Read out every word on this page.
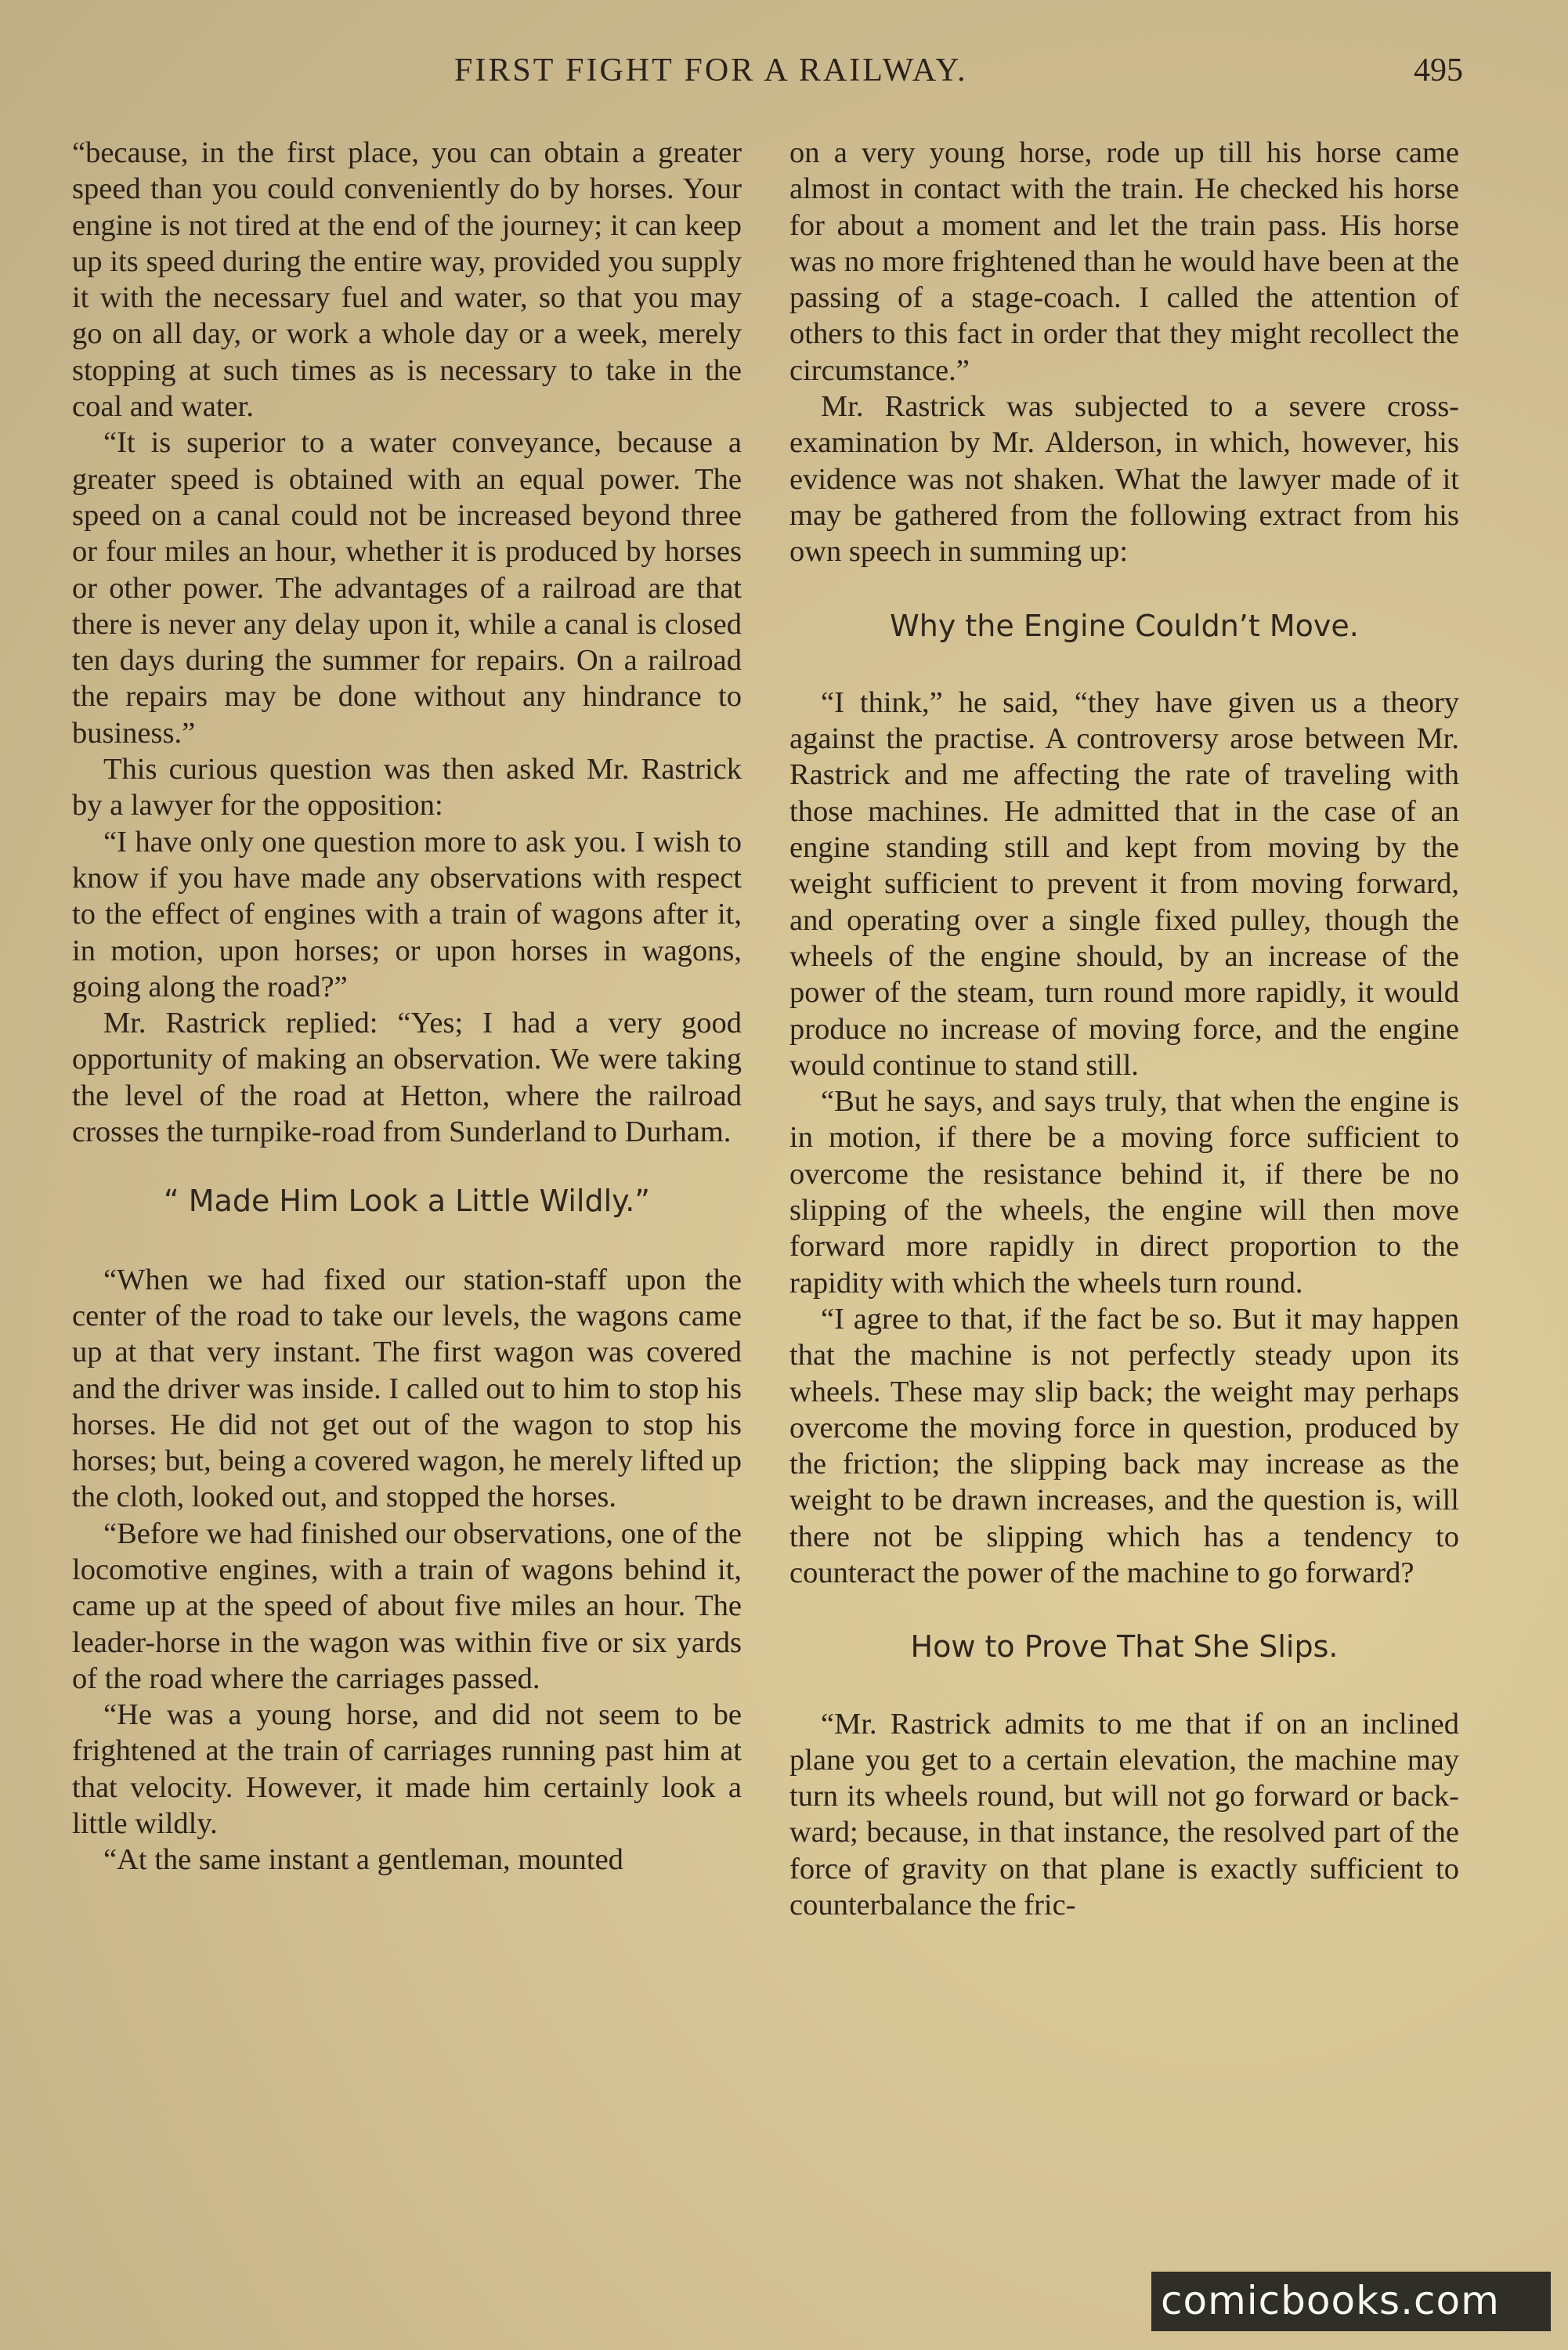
FIRST FIGHT FOR A RAILWAY.	495

“because, in the first place, you can obtain a greater speed than you could conveniently do by horses. Your engine is not tired at the end of the journey; it can keep up its speed during the entire way, provided you supply it with the necessary fuel and water, so that you may go on all day, or work a whole day or a week, merely stopping at such times as is necessary to take in the coal and water.

“It is superior to a water conveyance, because a greater speed is obtained with an equal power. The speed on a canal could not be increased beyond three or four miles an hour, whether it is produced by horses or other power. The advantages of a railroad are that there is never any delay upon it, while a canal is closed ten days during the summer for repairs. On a railroad the repairs may be done without any hindrance to business.”

This curious question was then asked Mr. Rastrick by a lawyer for the opposition:

“I have only one question more to ask you. I wish to know if you have made any observations with respect to the effect of engines with a train of wagons after it, in motion, upon horses; or upon horses in wagons, going along the road?”

Mr. Rastrick replied: “Yes; I had a very good opportunity of making an observation. We were taking the level of the road at Hetton, where the railroad crosses the turnpike-road from Sunderland to Durham.

“ Made Him Look a Little Wildly.”

“When we had fixed our station-staff upon the center of the road to take our levels, the wagons came up at that very instant. The first wagon was covered and the driver was inside. I called out to him to stop his horses. He did not get out of the wagon to stop his horses; but, being a covered wagon, he merely lifted up the cloth, looked out, and stopped the horses.

“Before we had finished our observations, one of the locomotive engines, with a train of wagons behind it, came up at the speed of about five miles an hour. The leader-horse in the wagon was within five or six yards of the road where the carriages passed.

“He was a young horse, and did not seem to be frightened at the train of carriages running past him at that velocity. However, it made him certainly look a little wildly.

“At the same instant a gentleman, mounted

on a very young horse, rode up till his horse came almost in contact with the train. He checked his horse for about a moment and let the train pass. His horse was no more frightened than he would have been at the passing of a stage-coach. I called the attention of others to this fact in order that they might recollect the circumstance.”

Mr. Rastrick was subjected to a severe cross-examination by Mr. Alderson, in which, however, his evidence was not shaken. What the lawyer made of it may be gathered from the following extract from his own speech in summing up:

Why the Engine Couldn’t Move.

“I think,” he said, “they have given us a theory against the practise. A controversy arose between Mr. Rastrick and me affecting the rate of traveling with those machines. He admitted that in the case of an engine standing still and kept from moving by the weight sufficient to prevent it from moving forward, and operating over a single fixed pulley, though the wheels of the engine should, by an increase of the power of the steam, turn round more rapidly, it would produce no increase of moving force, and the engine would continue to stand still.

“But he says, and says truly, that when the engine is in motion, if there be a moving force sufficient to overcome the resistance behind it, if there be no slipping of the wheels, the engine will then move forward more rapidly in direct proportion to the rapidity with which the wheels turn round.

“I agree to that, if the fact be so. But it may happen that the machine is not perfectly steady upon its wheels. These may slip back; the weight may perhaps overcome the moving force in question, produced by the friction; the slipping back may increase as the weight to be drawn increases, and the question is, will there not be slipping which has a tendency to counteract the power of the machine to go forward?

How to Prove That She Slips.

“Mr. Rastrick admits to me that if on an inclined plane you get to a certain elevation, the machine may turn its wheels round, but will not go forward or backward; because, in that instance, the resolved part of the force of gravity on that plane is exactly sufficient to counterbalance the fric-

comicbooks.com
